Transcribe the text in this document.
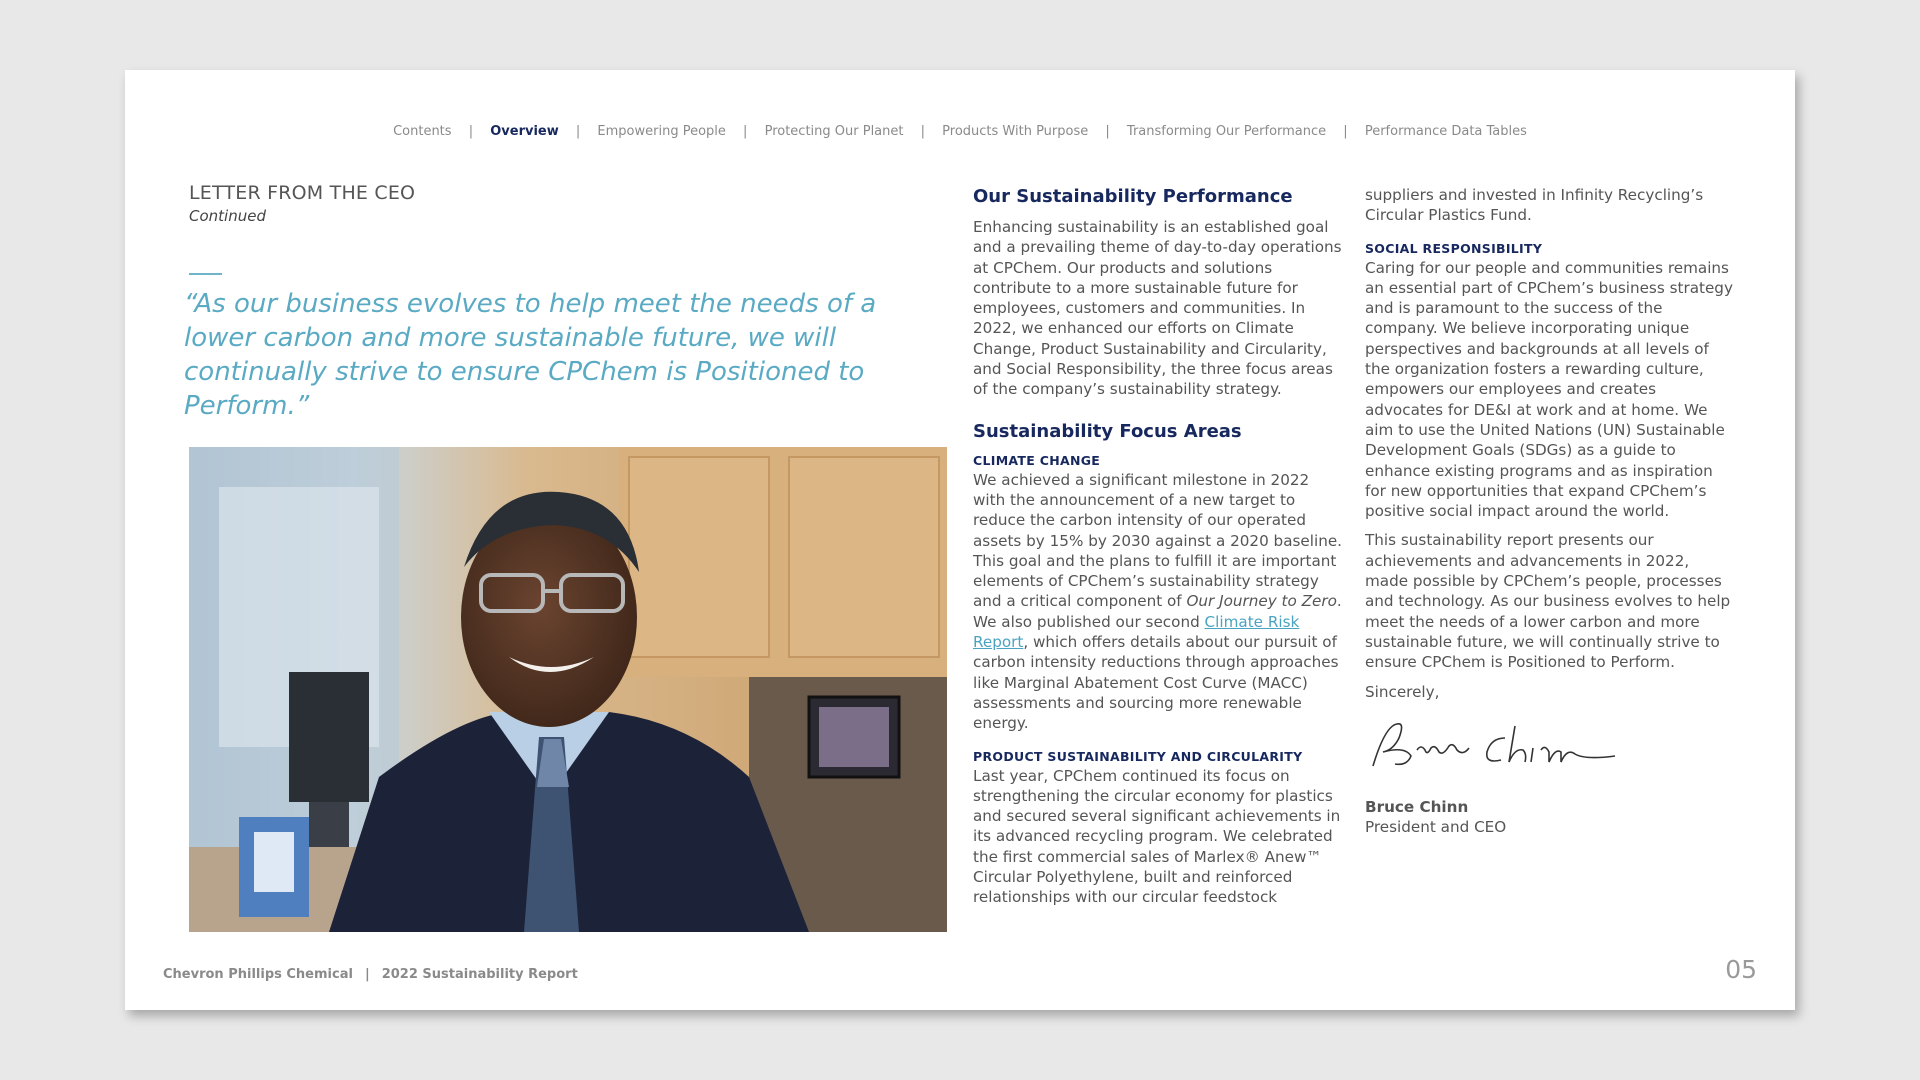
Contents | Overview | Empowering People | Protecting Our Planet | Products With Purpose | Transforming Our Performance | Performance Data Tables
LETTER FROM THE CEO
Continued
“As our business evolves to help meet the needs of a lower carbon and more sustainable future, we will continually strive to ensure CPChem is Positioned to Perform.”
Our Sustainability Performance

Enhancing sustainability is an established goal and a prevailing theme of day-to-day operations at CPChem. Our products and solutions contribute to a more sustainable future for employees, customers and communities. In 2022, we enhanced our efforts on Climate Change, Product Sustainability and Circularity, and Social Responsibility, the three focus areas of the company’s sustainability strategy.

Sustainability Focus Areas
CLIMATE CHANGE

We achieved a significant milestone in 2022 with the announcement of a new target to reduce the carbon intensity of our operated assets by 15% by 2030 against a 2020 baseline. This goal and the plans to fulfill it are important elements of CPChem’s sustainability strategy and a critical component of Our Journey to Zero. We also published our second Climate Risk Report, which offers details about our pursuit of carbon intensity reductions through approaches like Marginal Abatement Cost Curve (MACC) assessments and sourcing more renewable energy.

PRODUCT SUSTAINABILITY AND CIRCULARITY

Last year, CPChem continued its focus on strengthening the circular economy for plastics and secured several significant achievements in its advanced recycling program. We celebrated the first commercial sales of Marlex® Anew™ Circular Polyethylene, built and reinforced relationships with our circular feedstock

suppliers and invested in Infinity Recycling’s Circular Plastics Fund.

SOCIAL RESPONSIBILITY

Caring for our people and communities remains an essential part of CPChem’s business strategy and is paramount to the success of the company. We believe incorporating unique perspectives and backgrounds at all levels of the organization fosters a rewarding culture, empowers our employees and creates advocates for DE&I at work and at home. We aim to use the United Nations (UN) Sustainable Development Goals (SDGs) as a guide to enhance existing programs and as inspiration for new opportunities that expand CPChem’s positive social impact around the world.

This sustainability report presents our achievements and advancements in 2022, made possible by CPChem’s people, processes and technology. As our business evolves to help meet the needs of a lower carbon and more sustainable future, we will continually strive to ensure CPChem is Positioned to Perform.

Sincerely,

Bruce Chinn
President and CEO
Chevron Phillips Chemical | 2022 Sustainability Report	05
